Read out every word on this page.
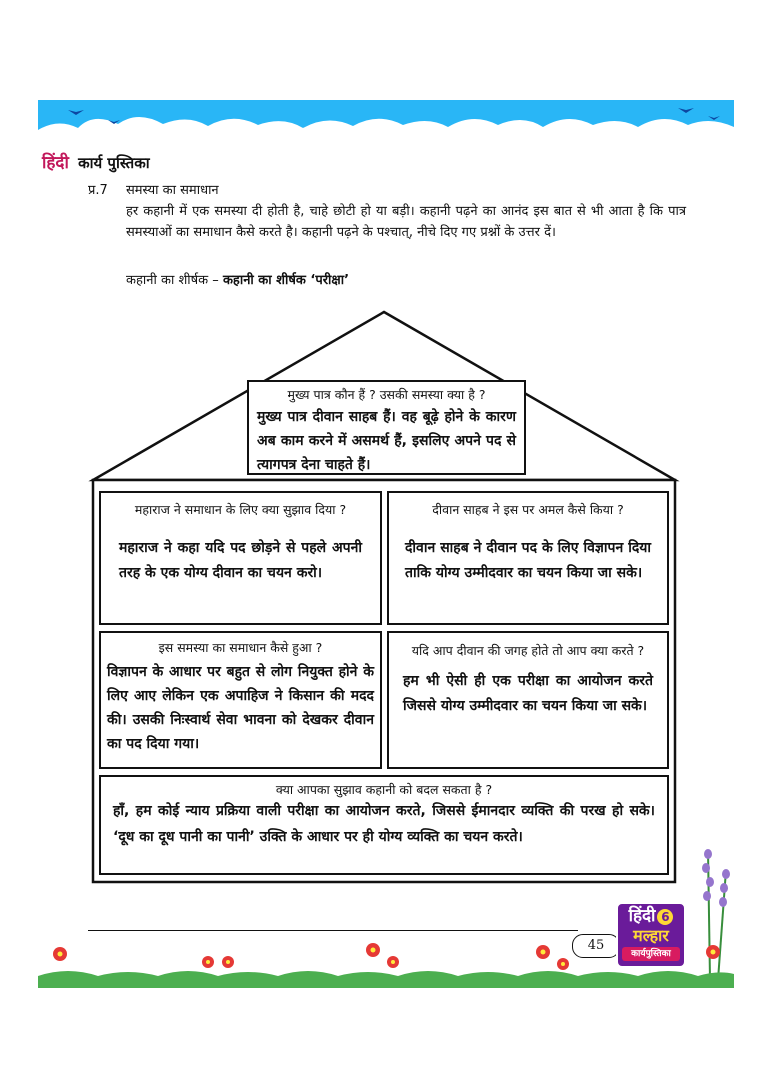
हिंदी कार्य पुस्तिका
प्र.7 समस्या का समाधान
हर कहानी में एक समस्या दी होती है, चाहे छोटी हो या बड़ी। कहानी पढ़ने का आनंद इस बात से भी आता है कि पात्र समस्याओं का समाधान कैसे करते है। कहानी पढ़ने के पश्चात्, नीचे दिए गए प्रश्नों के उत्तर दें।
कहानी का शीर्षक – कहानी का शीर्षक ‘परीक्षा’
मुख्य पात्र कौन हैं ? उसकी समस्या क्या है ?
मुख्य पात्र दीवान साहब हैं। वह बूढ़े होने के कारण अब काम करने में असमर्थ हैं, इसलिए अपने पद से त्यागपत्र देना चाहते हैं।
महाराज ने समाधान के लिए क्या सुझाव दिया ?
महाराज ने कहा यदि पद छोड़ने से पहले अपनी तरह के एक योग्य दीवान का चयन करो।
दीवान साहब ने इस पर अमल कैसे किया ?
दीवान साहब ने दीवान पद के लिए विज्ञापन दिया ताकि योग्य उम्मीदवार का चयन किया जा सके।
इस समस्या का समाधान कैसे हुआ ?
विज्ञापन के आधार पर बहुत से लोग नियुक्त होने के लिए आए लेकिन एक अपाहिज ने किसान की मदद की। उसकी निःस्वार्थ सेवा भावना को देखकर दीवान का पद दिया गया।
यदि आप दीवान की जगह होते तो आप क्या करते ?
हम भी ऐसी ही एक परीक्षा का आयोजन करते जिससे योग्य उम्मीदवार का चयन किया जा सके।
क्या आपका सुझाव कहानी को बदल सकता है ?
हाँ, हम कोई न्याय प्रक्रिया वाली परीक्षा का आयोजन करते, जिससे ईमानदार व्यक्ति की परख हो सके। ‘दूध का दूध पानी का पानी’ उक्ति के आधार पर ही योग्य व्यक्ति का चयन करते।
45
हिंदी 6
मल्हार
कार्यपुस्तिका
